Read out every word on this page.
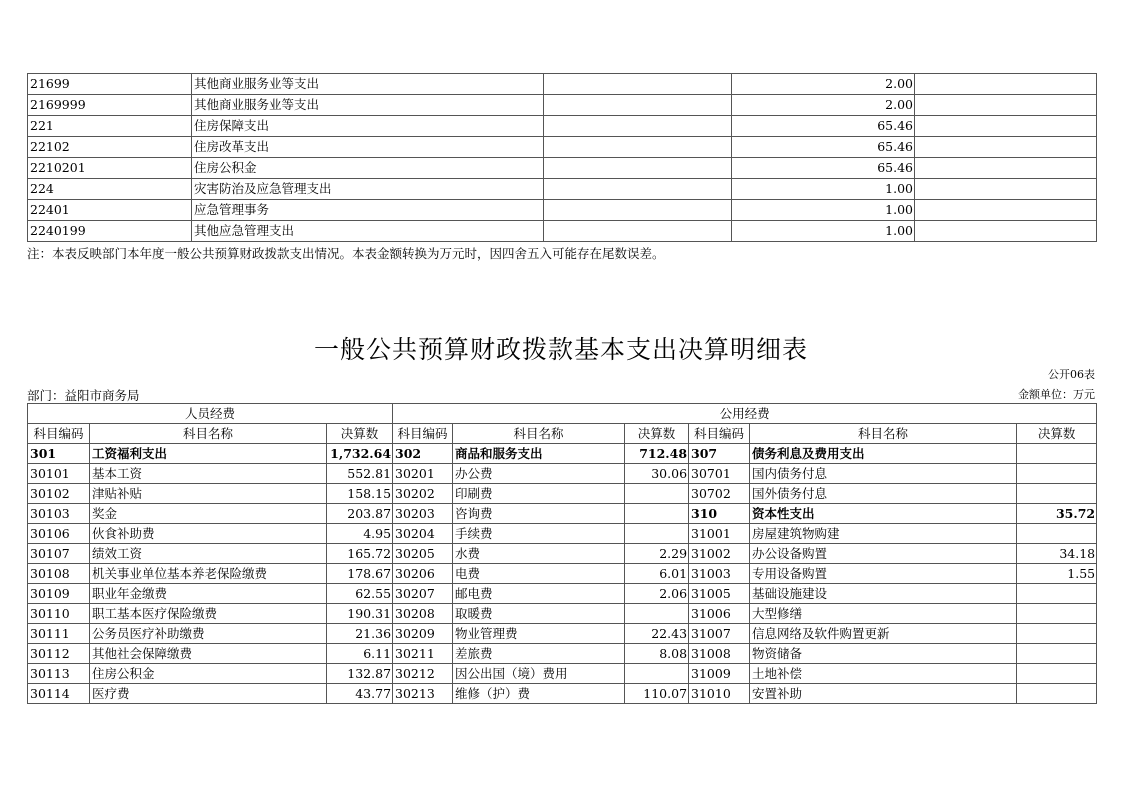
21699	其他商业服务业等支出		2.00		
2169999	其他商业服务业等支出		2.00		
221	住房保障支出		65.46		
22102	住房改革支出		65.46		
2210201	住房公积金		65.46		
224	灾害防治及应急管理支出		1.00		
22401	应急管理事务		1.00		
2240199	其他应急管理支出		1.00		
注：本表反映部门本年度一般公共预算财政拨款支出情况。本表金额转换为万元时，因四舍五入可能存在尾数误差。
一般公共预算财政拨款基本支出决算明细表
公开06表
部门：益阳市商务局	金额单位：万元
人员经费			公用经费					
科目编码	科目名称	决算数	科目编码	科目名称	决算数	科目编码	科目名称	决算数
301	工资福利支出	1,732.64	302	商品和服务支出	712.48	307	债务利息及费用支出	
30101	基本工资	552.81	30201	办公费	30.06	30701	国内债务付息	
30102	津贴补贴	158.15	30202	印刷费		30702	国外债务付息	
30103	奖金	203.87	30203	咨询费		310	资本性支出	35.72
30106	伙食补助费	4.95	30204	手续费		31001	房屋建筑物购建	
30107	绩效工资	165.72	30205	水费	2.29	31002	办公设备购置	34.18
30108	机关事业单位基本养老保险缴费	178.67	30206	电费	6.01	31003	专用设备购置	1.55
30109	职业年金缴费	62.55	30207	邮电费	2.06	31005	基础设施建设	
30110	职工基本医疗保险缴费	190.31	30208	取暖费		31006	大型修缮	
30111	公务员医疗补助缴费	21.36	30209	物业管理费	22.43	31007	信息网络及软件购置更新	
30112	其他社会保障缴费	6.11	30211	差旅费	8.08	31008	物资储备	
30113	住房公积金	132.87	30212	因公出国（境）费用		31009	土地补偿	
30114	医疗费	43.77	30213	维修（护）费	110.07	31010	安置补助	
